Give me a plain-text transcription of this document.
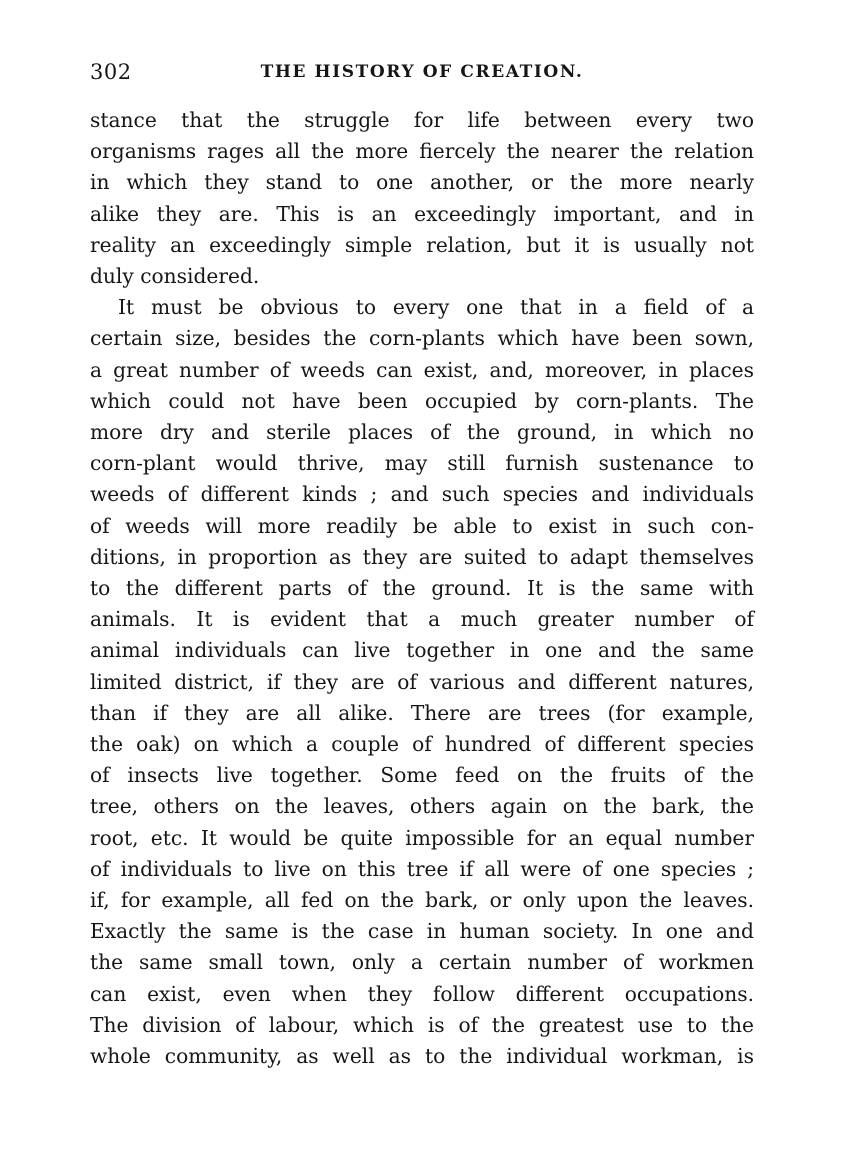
302	THE HISTORY OF CREATION.
stance that the struggle for life between every two
organisms rages all the more fiercely the nearer the relation
in which they stand to one another, or the more nearly
alike they are. This is an exceedingly important, and in
reality an exceedingly simple relation, but it is usually not
duly considered.
It must be obvious to every one that in a field of a
certain size, besides the corn-plants which have been sown,
a great number of weeds can exist, and, moreover, in places
which could not have been occupied by corn-plants. The
more dry and sterile places of the ground, in which no
corn-plant would thrive, may still furnish sustenance to
weeds of different kinds ; and such species and individuals
of weeds will more readily be able to exist in such con-
ditions, in proportion as they are suited to adapt themselves
to the different parts of the ground. It is the same with
animals. It is evident that a much greater number of
animal individuals can live together in one and the same
limited district, if they are of various and different natures,
than if they are all alike. There are trees (for example,
the oak) on which a couple of hundred of different species
of insects live together. Some feed on the fruits of the
tree, others on the leaves, others again on the bark, the
root, etc. It would be quite impossible for an equal number
of individuals to live on this tree if all were of one species ;
if, for example, all fed on the bark, or only upon the leaves.
Exactly the same is the case in human society. In one and
the same small town, only a certain number of workmen
can exist, even when they follow different occupations.
The division of labour, which is of the greatest use to the
whole community, as well as to the individual workman, is
